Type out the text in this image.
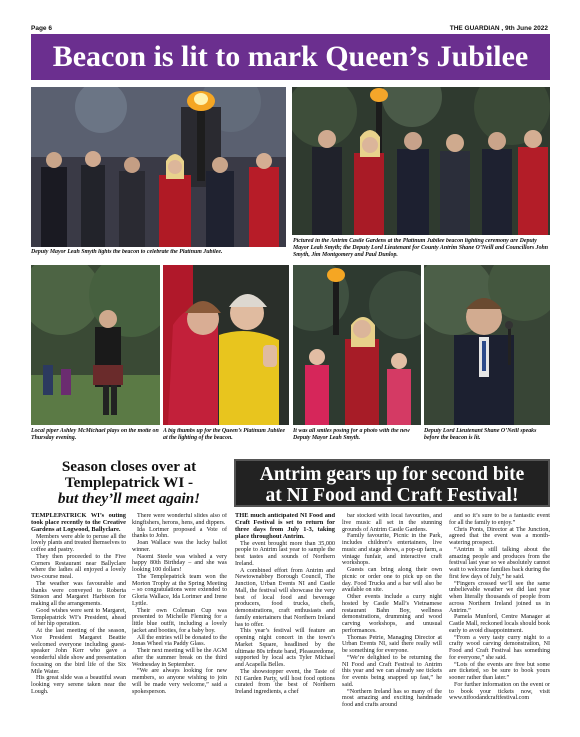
Page 6	THE GUARDIAN , 9th June 2022
Beacon is lit to mark Queen’s Jubilee
Deputy Mayor Leah Smyth lights the beacon to celebrate the Platinum Jubilee.
Pictured in the Antrim Castle Gardens at the Platinum Jubilee beacon lighting ceremony are Deputy Mayor Leah Smyth; the Deputy Lord Lieutenant for County Antrim Shane O’Neill and Councillors John Smyth, Jim Montgomery and Paul Dunlop.
Local piper Ashley McMichael plays on the motte on Thursday evening.
A big thumbs up for the Queen’s Platinum Jubilee at the lighting of the beacon.
It was all smiles posing for a photo with the new Deputy Mayor Leah Smyth.
Deputy Lord Lieutenant Shane O’Neill speaks before the beacon is lit.
Season closes over at Templepatrick WI -
but they’ll meet again!

TEMPLEPATRICK WI’s outing took place recently to the Creative Gardens at Logwood, Ballyclare.

Members were able to peruse all the lovely plants and treated themselves to coffee and pastry.

They then proceeded to the Five Corners Restaurant near Ballyclare where the ladies all enjoyed a lovely two-course meal.

The weather was favourable and thanks were conveyed to Roberta Stinson and Margaret Harbison for making all the arrangements.

Good wishes were sent to Margaret, Templepatrick WI’s President, ahead of her hip operation.

At the last meeting of the season, Vice President Margaret Beattie welcomed everyone including guest-speaker John Kerr who gave a wonderful slide show and presentation focusing on the bird life of the Six Mile Water.

His great slide was a beautiful swan looking very serene taken near the Lough.

There were wonderful slides also of kingfishers, herons, hens, and dippers.

Ida Lorimer proposed a Vote of thanks to John.

Joan Wallace was the lucky ballot winner.

Naomi Steele was wished a very happy 80th Birthday – and she was looking 100 dollars!

The Templepatrick team won the Morton Trophy at the Spring Meeting – so congratulations were extended to Gloria Wallace, Ida Lorimer and Irene Lyttle.

Their own Coleman Cup was presented to Michelle Fleming for a little blue outfit, including a lovely jacket and booties, for a baby boy.

All the entries will be donated to the Jonas Wheel via Paddy Glass.

Their next meeting will be the AGM after the summer break on the third Wednesday in September.

“We are always looking for new members, so anyone wishing to join will be made very welcome,” said a spokesperson.

Antrim gears up for second bite
at NI Food and Craft Festival!

THE much anticipated NI Food and Craft Festival is set to return for three days from July 1-3, taking place throughout Antrim.

The event brought more than 35,000 people to Antrim last year to sample the best tastes and sounds of Northern Ireland.

A combined effort from Antrim and Newtownabbey Borough Council, The Junction, Urban Events NI and Castle Mall, the festival will showcase the very best of local food and beverage producers, food trucks, chefs, demonstrations, craft enthusiasts and family entertainers that Northern Ireland has to offer.

This year’s festival will feature an opening night concert in the town’s Market Square, headlined by the ultimate 80s tribute band, Pleasuredome, supported by local acts Tyler Michael and Acapella Belles.

The showstopper event, the Taste of NI Garden Party, will host food options curated from the best of Northern Ireland ingredients, a chef

bar stocked with local favourites, and live music all set in the stunning grounds of Antrim Castle Gardens.

Family favourite, Picnic in the Park, includes children’s entertainers, live music and stage shows, a pop-up farm, a vintage funfair, and interactive craft workshops.

Guests can bring along their own picnic or order one to pick up on the day. Food Trucks and a bar will also be available on site.

Other events include a curry night hosted by Castle Mall’s Vietnamese restaurant Bahn Boy, wellness demonstrations, drumming and wood carving workshops, and unusual performances.

Thomas Petrie, Managing Director at Urban Events NI, said there really will be something for everyone.

“We’re delighted to be returning the NI Food and Craft Festival to Antrim this year and we can already see tickets for events being snapped up fast,” he said.

“Northern Ireland has so many of the most amazing and exciting handmade food and crafts around

and so it’s sure to be a fantastic event for all the family to enjoy.”

Chris Ponts, Director at The Junction, agreed that the event was a month-watering prospect.

“Antrim is still talking about the amazing people and produces from the festival last year so we absolutely cannot wait to welcome families back during the first few days of July,” he said.

“Fingers crossed we’ll see the same unbelievable weather we did last year when literally thousands of people from across Northern Ireland joined us in Antrim.”

Pamela Munford, Centre Manager at Castle Mall, reckoned locals should book early to avoid disappointment.

“From a very tasty curry night to a crafty wood carving demonstration, NI Food and Craft Festival has something for everyone,” she said.

“Lots of the events are free but some are ticketed, so be sure to book yours sooner rather than later.”

For further information on the event or to book your tickets now, visit www.nifoodandcraftfestival.com
